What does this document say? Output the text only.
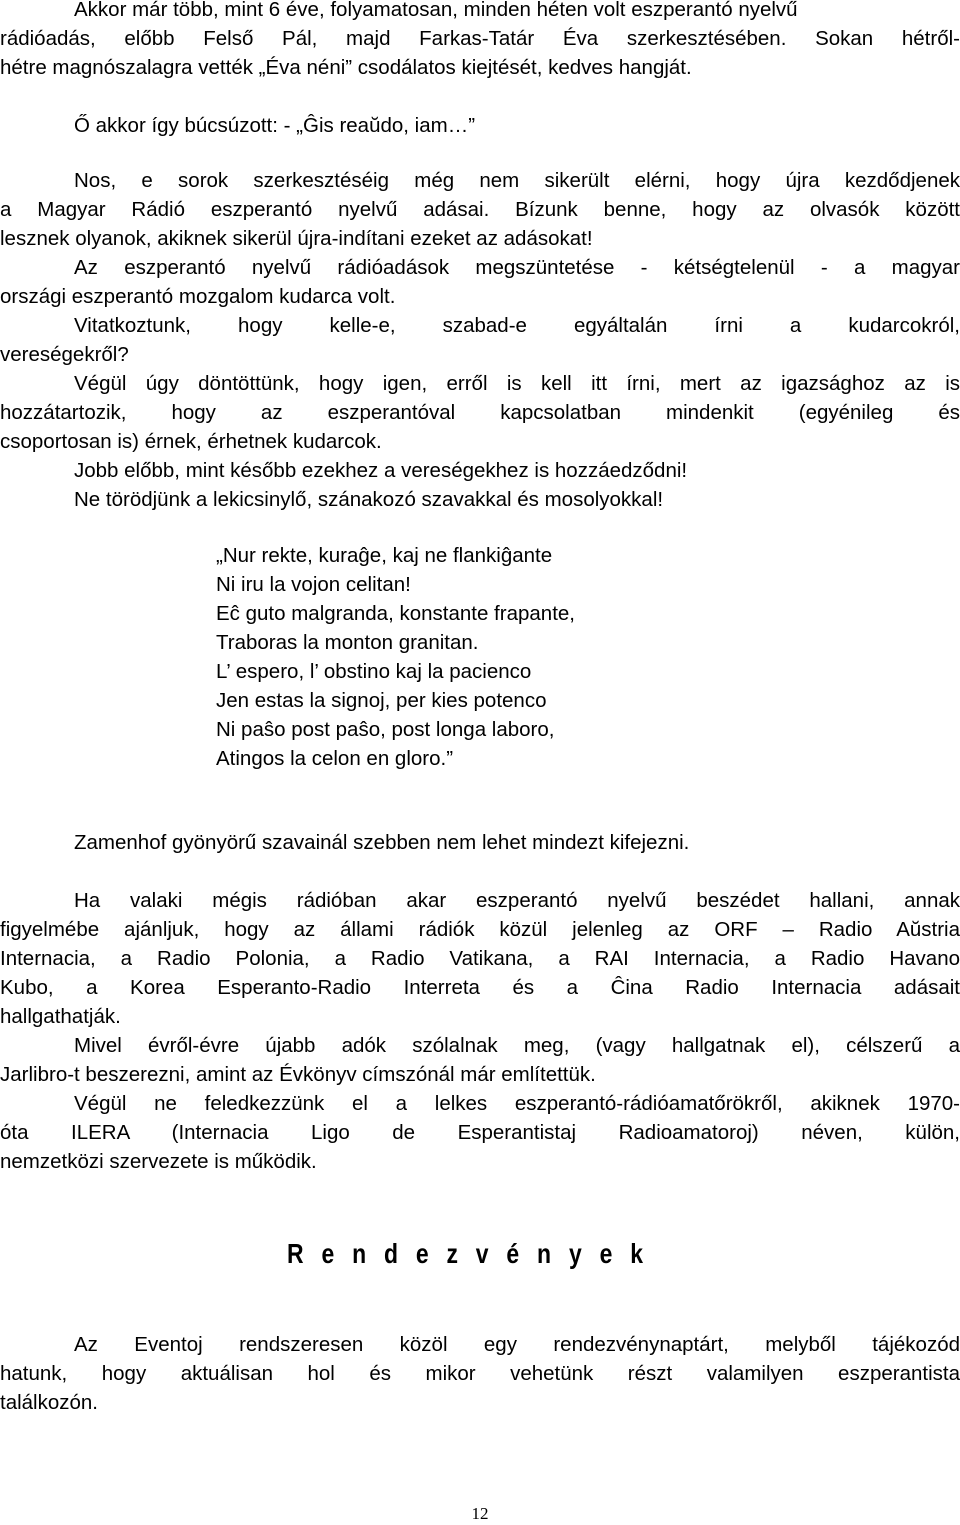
Akkor már több, mint 6 éve, folyamatosan, minden héten volt eszperantó nyelvű
rádióadás, előbb Felső Pál, majd Farkas-Tatár Éva szerkesztésében. Sokan hétről-
hétre magnószalagra vették „Éva néni” csodálatos kiejtését, kedves hangját.
Ő akkor így búcsúzott: - „Ĝis reaŭdo, iam…”
Nos, e sorok szerkesztéséig még nem sikerült elérni, hogy újra kezdődjenek
a Magyar Rádió eszperantó nyelvű adásai. Bízunk benne, hogy az olvasók között
lesznek olyanok, akiknek sikerül újra-indítani ezeket az adásokat!
Az eszperantó nyelvű rádióadások megszüntetése - kétségtelenül - a magyar
országi eszperantó mozgalom kudarca volt.
Vitatkoztunk, hogy kelle-e, szabad-e egyáltalán írni a kudarcokról,
vereségekről?
Végül úgy döntöttünk, hogy igen, erről is kell itt írni, mert az igazsághoz az is
hozzátartozik, hogy az eszperantóval kapcsolatban mindenkit (egyénileg és
csoportosan is) érnek, érhetnek kudarcok.
Jobb előbb, mint később ezekhez a vereségekhez is hozzáedződni!
Ne törödjünk a lekicsinylő, szánakozó szavakkal és mosolyokkal!
„Nur rekte, kuraĝe, kaj ne flankiĝante
Ni iru la vojon celitan!
Eĉ guto malgranda, konstante frapante,
Traboras la monton granitan.
L’ espero, l’ obstino kaj la pacienco
Jen estas la signoj, per kies potenco
Ni paŝo post paŝo, post longa laboro,
Atingos la celon en gloro.”
Zamenhof gyönyörű szavainál szebben nem lehet mindezt kifejezni.
Ha valaki mégis rádióban akar eszperantó nyelvű beszédet hallani, annak
figyelmébe ajánljuk, hogy az állami rádiók közül jelenleg az ORF – Radio Aŭstria
Internacia, a Radio Polonia, a Radio Vatikana, a RAI Internacia, a Radio Havano
Kubo, a Korea Esperanto-Radio Interreta és a Ĉina Radio Internacia adásait
hallgathatják.
Mivel évről-évre újabb adók szólalnak meg, (vagy hallgatnak el), célszerű a
Jarlibro-t beszerezni, amint az Évkönyv címszónál már említettük.
Végül ne feledkezzünk el a lelkes eszperantó-rádióamatőrökről, akiknek 1970-
óta ILERA (Internacia Ligo de Esperantistaj Radioamatoroj) néven, külön,
nemzetközi szervezete is működik.
R e n d e z v é n y e k
Az Eventoj rendszeresen közöl egy rendezvénynaptárt, melyből tájékozód
hatunk, hogy aktuálisan hol és mikor vehetünk részt valamilyen eszperantista
találkozón.
12
